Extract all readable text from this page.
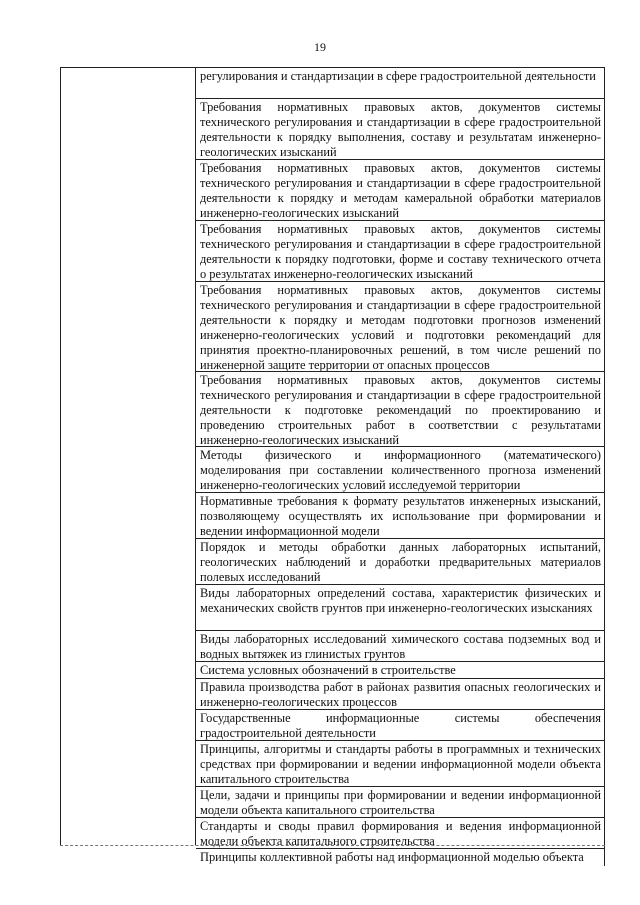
19
регулирования и стандартизации в сфере градостроительной деятельности
Требования нормативных правовых актов, документов системы технического регулирования и стандартизации в сфере градостроительной деятельности к порядку выполнения, составу и результатам инженерно-геологических изысканий
Требования нормативных правовых актов, документов системы технического регулирования и стандартизации в сфере градостроительной деятельности к порядку и методам камеральной обработки материалов инженерно-геологических изысканий
Требования нормативных правовых актов, документов системы технического регулирования и стандартизации в сфере градостроительной деятельности к порядку подготовки, форме и составу технического отчета о результатах инженерно-геологических изысканий
Требования нормативных правовых актов, документов системы технического регулирования и стандартизации в сфере градостроительной деятельности к порядку и методам подготовки прогнозов изменений инженерно-геологических условий и подготовки рекомендаций для принятия проектно-планировочных решений, в том числе решений по инженерной защите территории от опасных процессов
Требования нормативных правовых актов, документов системы технического регулирования и стандартизации в сфере градостроительной деятельности к подготовке рекомендаций по проектированию и проведению строительных работ в соответствии с результатами инженерно-геологических изысканий
Методы физического и информационного (математического) моделирования при составлении количественного прогноза изменений инженерно-геологических условий исследуемой территории
Нормативные требования к формату результатов инженерных изысканий, позволяющему осуществлять их использование при формировании и ведении информационной модели
Порядок и методы обработки данных лабораторных испытаний, геологических наблюдений и доработки предварительных материалов полевых исследований
Виды лабораторных определений состава, характеристик физических и механических свойств грунтов при инженерно-геологических изысканиях
Виды лабораторных исследований химического состава подземных вод и водных вытяжек из глинистых грунтов
Система условных обозначений в строительстве
Правила производства работ в районах развития опасных геологических и инженерно-геологических процессов
Государственные информационные системы обеспечения градостроительной деятельности
Принципы, алгоритмы и стандарты работы в программных и технических средствах при формировании и ведении информационной модели объекта капитального строительства
Цели, задачи и принципы при формировании и ведении информационной модели объекта капитального строительства
Стандарты и своды правил формирования и ведения информационной модели объекта капитального строительства
Принципы коллективной работы над информационной моделью объекта
